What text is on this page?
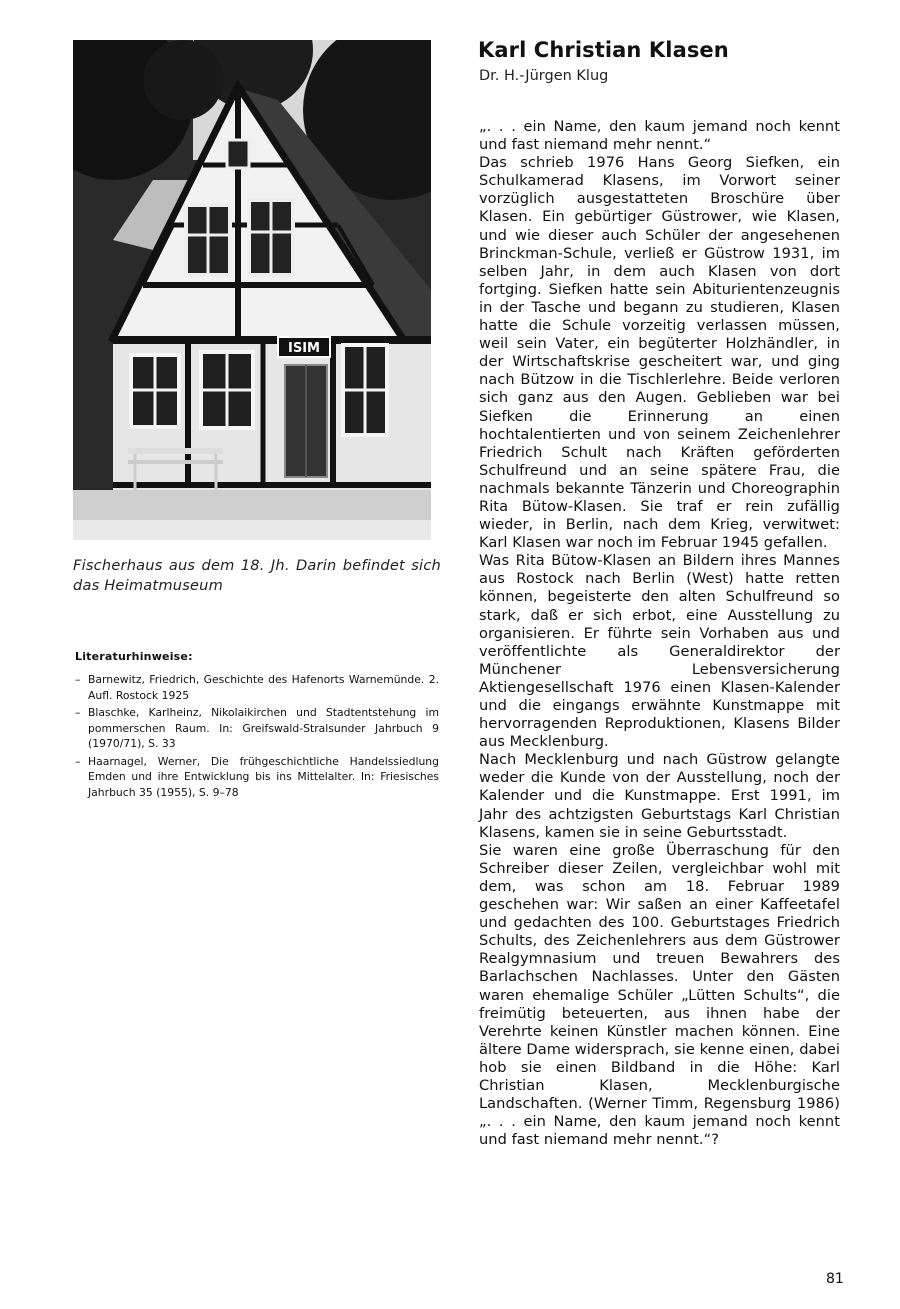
ISIM
Fischerhaus aus dem 18. Jh. Darin befindet sich das Heimatmuseum
Literaturhinweise:
– Barnewitz, Friedrich, Geschichte des Hafenorts Warnemünde. 2. Aufl. Rostock 1925
– Blaschke, Karlheinz, Nikolaikirchen und Stadtentstehung im pommerschen Raum. In: Greifswald-Stralsunder Jahrbuch 9 (1970/71), S. 33
– Haarnagel, Werner, Die frühgeschichtliche Handelssiedlung Emden und ihre Entwicklung bis ins Mittelalter. In: Friesisches Jahrbuch 35 (1955), S. 9–78
Karl Christian Klasen
Dr. H.-Jürgen Klug

„. . . ein Name, den kaum jemand noch kennt und fast niemand mehr nennt.“

Das schrieb 1976 Hans Georg Siefken, ein Schulkamerad Klasens, im Vorwort seiner vorzüglich ausgestatteten Broschüre über Klasen. Ein gebürtiger Güstrower, wie Klasen, und wie dieser auch Schüler der angesehenen Brinckman-Schule, verließ er Güstrow 1931, im selben Jahr, in dem auch Klasen von dort fortging. Siefken hatte sein Abiturientenzeugnis in der Tasche und begann zu studieren, Klasen hatte die Schule vorzeitig verlassen müssen, weil sein Vater, ein begüterter Holzhändler, in der Wirtschaftskrise gescheitert war, und ging nach Bützow in die Tischlerlehre. Beide verloren sich ganz aus den Augen. Geblieben war bei Siefken die Erinnerung an einen hochtalentierten und von seinem Zeichenlehrer Friedrich Schult nach Kräften geförderten Schulfreund und an seine spätere Frau, die nachmals bekannte Tänzerin und Choreographin Rita Bütow-Klasen. Sie traf er rein zufällig wieder, in Berlin, nach dem Krieg, verwitwet: Karl Klasen war noch im Februar 1945 gefallen.

Was Rita Bütow-Klasen an Bildern ihres Mannes aus Rostock nach Berlin (West) hatte retten können, begeisterte den alten Schulfreund so stark, daß er sich erbot, eine Ausstellung zu organisieren. Er führte sein Vorhaben aus und veröffentlichte als Generaldirektor der Münchener Lebensversicherung Aktiengesellschaft 1976 einen Klasen-Kalender und die eingangs erwähnte Kunstmappe mit hervorragenden Reproduktionen, Klasens Bilder aus Mecklenburg.

Nach Mecklenburg und nach Güstrow gelangte weder die Kunde von der Ausstellung, noch der Kalender und die Kunstmappe. Erst 1991, im Jahr des achtzigsten Geburtstags Karl Christian Klasens, kamen sie in seine Geburtsstadt.

Sie waren eine große Überraschung für den Schreiber dieser Zeilen, vergleichbar wohl mit dem, was schon am 18. Februar 1989 geschehen war: Wir saßen an einer Kaffeetafel und gedachten des 100. Geburtstages Friedrich Schults, des Zeichenlehrers aus dem Güstrower Realgymnasium und treuen Bewahrers des Barlachschen Nachlasses. Unter den Gästen waren ehemalige Schüler „Lütten Schults“, die freimütig beteuerten, aus ihnen habe der Verehrte keinen Künstler machen können. Eine ältere Dame widersprach, sie kenne einen, dabei hob sie einen Bildband in die Höhe: Karl Christian Klasen, Mecklenburgische Landschaften. (Werner Timm, Regensburg 1986) „. . . ein Name, den kaum jemand noch kennt und fast niemand mehr nennt.“?

81
